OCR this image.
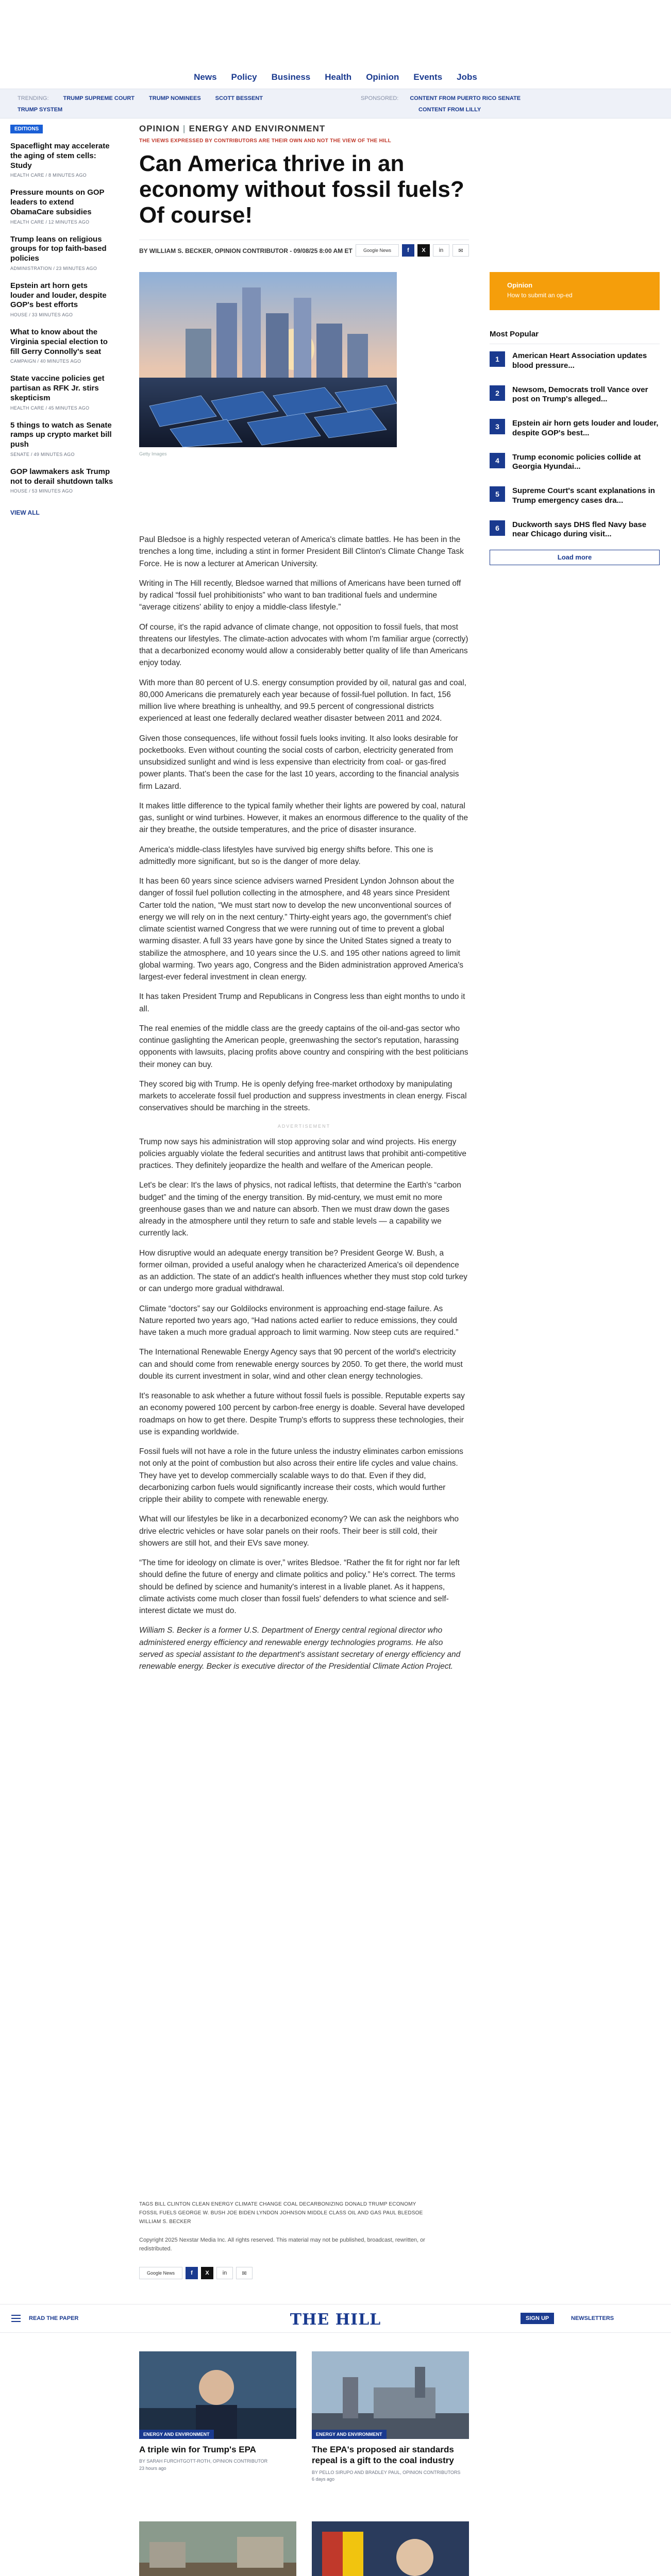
News Policy Business Health Opinion Events Jobs
TRENDING:	TRUMP SUPREME COURT	TRUMP NOMINEES	SCOTT BESSENT
TRUMP SYSTEM
SPONSORED: CONTENT FROM PUERTO RICO SENATE
CONTENT FROM LILLY
EDITIONS
Spaceflight may accelerate the aging of stem cells: Study
HEALTH CARE / 8 MINUTES AGO
Pressure mounts on GOP leaders to extend ObamaCare subsidies
HEALTH CARE / 12 MINUTES AGO
Trump leans on religious groups for top faith-based policies
ADMINISTRATION / 23 MINUTES AGO
Epstein art horn gets louder and louder, despite GOP's best efforts
HOUSE / 33 MINUTES AGO
What to know about the Virginia special election to fill Gerry Connolly's seat
CAMPAIGN / 40 MINUTES AGO
State vaccine policies get partisan as RFK Jr. stirs skepticism
HEALTH CARE / 45 MINUTES AGO
5 things to watch as Senate ramps up crypto market bill push
SENATE / 49 MINUTES AGO
GOP lawmakers ask Trump not to derail shutdown talks
HOUSE / 53 MINUTES AGO
VIEW ALL
OPINION | ENERGY AND ENVIRONMENT
THE VIEWS EXPRESSED BY CONTRIBUTORS ARE THEIR OWN AND NOT THE VIEW OF THE HILL
Can America thrive in an economy without fossil fuels? Of course!
BY WILLIAM S. BECKER, OPINION CONTRIBUTOR - 09/08/25 8:00 AM ET	Google News	f	X	in	✉
Getty Images
Opinion
How to submit an op-ed
Most Popular
1	American Heart Association updates blood pressure...
2	Newsom, Democrats troll Vance over post on Trump's alleged...
3	Epstein air horn gets louder and louder, despite GOP's best...
4	Trump economic policies collide at Georgia Hyundai...
5	Supreme Court's scant explanations in Trump emergency cases dra...
6	Duckworth says DHS fled Navy base near Chicago during visit...
Load more

Paul Bledsoe is a highly respected veteran of America's climate battles. He has been in the trenches a long time, including a stint in former President Bill Clinton's Climate Change Task Force. He is now a lecturer at American University.

Writing in The Hill recently, Bledsoe warned that millions of Americans have been turned off by radical “fossil fuel prohibitionists” who want to ban traditional fuels and undermine “average citizens' ability to enjoy a middle-class lifestyle.”

Of course, it's the rapid advance of climate change, not opposition to fossil fuels, that most threatens our lifestyles. The climate-action advocates with whom I'm familiar argue (correctly) that a decarbonized economy would allow a considerably better quality of life than Americans enjoy today.

With more than 80 percent of U.S. energy consumption provided by oil, natural gas and coal, 80,000 Americans die prematurely each year because of fossil-fuel pollution. In fact, 156 million live where breathing is unhealthy, and 99.5 percent of congressional districts experienced at least one federally declared weather disaster between 2011 and 2024.

Given those consequences, life without fossil fuels looks inviting. It also looks desirable for pocketbooks. Even without counting the social costs of carbon, electricity generated from unsubsidized sunlight and wind is less expensive than electricity from coal- or gas-fired power plants. That's been the case for the last 10 years, according to the financial analysis firm Lazard.

It makes little difference to the typical family whether their lights are powered by coal, natural gas, sunlight or wind turbines. However, it makes an enormous difference to the quality of the air they breathe, the outside temperatures, and the price of disaster insurance.

America's middle-class lifestyles have survived big energy shifts before. This one is admittedly more significant, but so is the danger of more delay.

It has been 60 years since science advisers warned President Lyndon Johnson about the danger of fossil fuel pollution collecting in the atmosphere, and 48 years since President Carter told the nation, “We must start now to develop the new unconventional sources of energy we will rely on in the next century.” Thirty-eight years ago, the government's chief climate scientist warned Congress that we were running out of time to prevent a global warming disaster. A full 33 years have gone by since the United States signed a treaty to stabilize the atmosphere, and 10 years since the U.S. and 195 other nations agreed to limit global warming. Two years ago, Congress and the Biden administration approved America's largest-ever federal investment in clean energy.

It has taken President Trump and Republicans in Congress less than eight months to undo it all.

The real enemies of the middle class are the greedy captains of the oil-and-gas sector who continue gaslighting the American people, greenwashing the sector's reputation, harassing opponents with lawsuits, placing profits above country and conspiring with the best politicians their money can buy.

They scored big with Trump. He is openly defying free-market orthodoxy by manipulating markets to accelerate fossil fuel production and suppress investments in clean energy. Fiscal conservatives should be marching in the streets.

ADVERTISEMENT

Trump now says his administration will stop approving solar and wind projects. His energy policies arguably violate the federal securities and antitrust laws that prohibit anti-competitive practices. They definitely jeopardize the health and welfare of the American people.

Let's be clear: It's the laws of physics, not radical leftists, that determine the Earth's “carbon budget” and the timing of the energy transition. By mid-century, we must emit no more greenhouse gases than we and nature can absorb. Then we must draw down the gases already in the atmosphere until they return to safe and stable levels — a capability we currently lack.

How disruptive would an adequate energy transition be? President George W. Bush, a former oilman, provided a useful analogy when he characterized America's oil dependence as an addiction. The state of an addict's health influences whether they must stop cold turkey or can undergo more gradual withdrawal.

Climate “doctors” say our Goldilocks environment is approaching end-stage failure. As Nature reported two years ago, “Had nations acted earlier to reduce emissions, they could have taken a much more gradual approach to limit warming. Now steep cuts are required.”

The International Renewable Energy Agency says that 90 percent of the world's electricity can and should come from renewable energy sources by 2050. To get there, the world must double its current investment in solar, wind and other clean energy technologies.

It's reasonable to ask whether a future without fossil fuels is possible. Reputable experts say an economy powered 100 percent by carbon-free energy is doable. Several have developed roadmaps on how to get there. Despite Trump's efforts to suppress these technologies, their use is expanding worldwide.

Fossil fuels will not have a role in the future unless the industry eliminates carbon emissions not only at the point of combustion but also across their entire life cycles and value chains. They have yet to develop commercially scalable ways to do that. Even if they did, decarbonizing carbon fuels would significantly increase their costs, which would further cripple their ability to compete with renewable energy.

What will our lifestyles be like in a decarbonized economy? We can ask the neighbors who drive electric vehicles or have solar panels on their roofs. Their beer is still cold, their showers are still hot, and their EVs save money.

“The time for ideology on climate is over,” writes Bledsoe. “Rather the fit for right nor far left should define the future of energy and climate politics and policy.” He's correct. The terms should be defined by science and humanity's interest in a livable planet. As it happens, climate activists come much closer than fossil fuels' defenders to what science and self-interest dictate we must do.

William S. Becker is a former U.S. Department of Energy central regional director who administered energy efficiency and renewable energy technologies programs. He also served as special assistant to the department's assistant secretary of energy efficiency and renewable energy. Becker is executive director of the Presidential Climate Action Project.

TAGS BILL CLINTON CLEAN ENERGY CLIMATE CHANGE COAL DECARBONIZING DONALD TRUMP ECONOMY FOSSIL FUELS GEORGE W. BUSH JOE BIDEN LYNDON JOHNSON MIDDLE CLASS OIL AND GAS PAUL BLEDSOE WILLIAM S. BECKER
Copyright 2025 Nexstar Media Inc. All rights reserved. This material may not be published, broadcast, rewritten, or redistributed.
Google News	f	X	in	✉
READ THE PAPER	THE HILL	SIGN UP	NEWSLETTERS
ENERGY AND ENVIRONMENT
A triple win for Trump's EPA
BY SARAH FURCHTGOTT-ROTH, OPINION CONTRIBUTOR
23 hours ago
ENERGY AND ENVIRONMENT
The EPA's proposed air standards repeal is a gift to the coal industry
BY PELLO SIRUPO AND BRADLEY PAUL, OPINION CONTRIBUTORS
6 days ago
